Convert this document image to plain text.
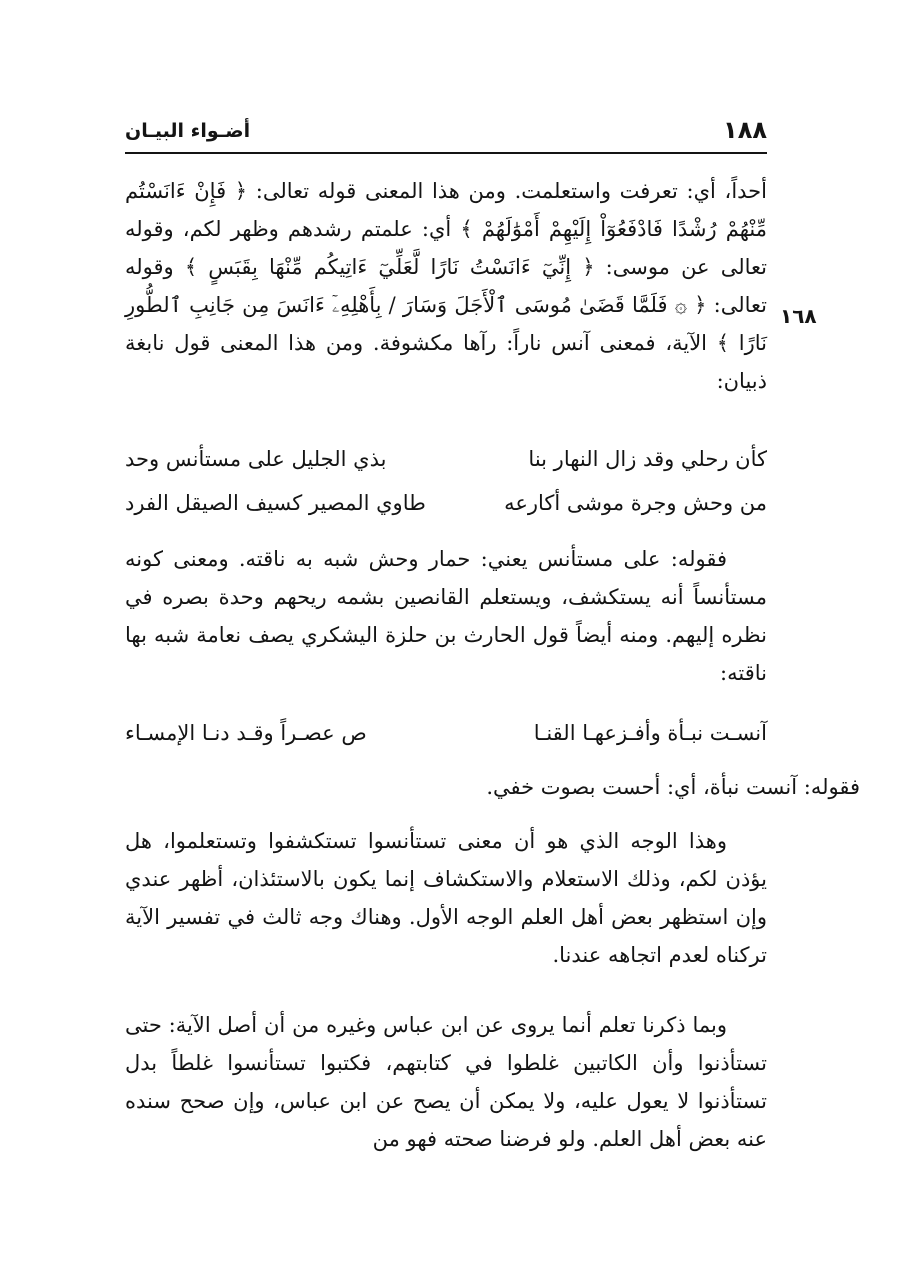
١٨٨
أضـواء البيـان
أحداً، أي: تعرفت واستعلمت. ومن هذا المعنى قوله تعالى: ﴿ فَإِنْ ءَانَسْتُم مِّنْهُمْ رُشْدًا فَادْفَعُوٓاْ إِلَيْهِمْ أَمْوَٰلَهُمْ ﴾ أي: علمتم رشدهم وظهر لكم، وقوله تعالى عن موسى: ﴿ إِنِّيٓ ءَانَسْتُ نَارًا لَّعَلِّيٓ ءَاتِيكُم مِّنْهَا بِقَبَسٍ ﴾ وقوله تعالى: ﴿ ۞ فَلَمَّا قَضَىٰ مُوسَى ٱلْأَجَلَ وَسَارَ / بِأَهْلِهِۦٓ ءَانَسَ مِن جَانِبِ ٱلطُّورِ نَارًا ﴾ الآية، فمعنى آنس ناراً: رآها مكشوفة. ومن هذا المعنى قول نابغة ذبيان:
١٦٨
كأن رحلي وقد زال النهار بنا
بذي الجليل على مستأنس وحد
من وحش وجرة موشى أكارعه
طاوي المصير كسيف الصيقل الفرد
فقوله: على مستأنس يعني: حمار وحش شبه به ناقته. ومعنى كونه مستأنساً أنه يستكشف، ويستعلم القانصين بشمه ريحهم وحدة بصره في نظره إليهم. ومنه أيضاً قول الحارث بن حلزة اليشكري يصف نعامة شبه بها ناقته:
آنسـت نبـأة وأفـزعهـا القنـا
ص عصـراً وقـد دنـا الإمسـاء
فقوله: آنست نبأة، أي: أحست بصوت خفي.
وهذا الوجه الذي هو أن معنى تستأنسوا تستكشفوا وتستعلموا، هل يؤذن لكم، وذلك الاستعلام والاستكشاف إنما يكون بالاستئذان، أظهر عندي وإن استظهر بعض أهل العلم الوجه الأول. وهناك وجه ثالث في تفسير الآية تركناه لعدم اتجاهه عندنا.
وبما ذكرنا تعلم أنما يروى عن ابن عباس وغيره من أن أصل الآية: حتى تستأذنوا وأن الكاتبين غلطوا في كتابتهم، فكتبوا تستأنسوا غلطاً بدل تستأذنوا لا يعول عليه، ولا يمكن أن يصح عن ابن عباس، وإن صحح سنده عنه بعض أهل العلم. ولو فرضنا صحته فهو من
